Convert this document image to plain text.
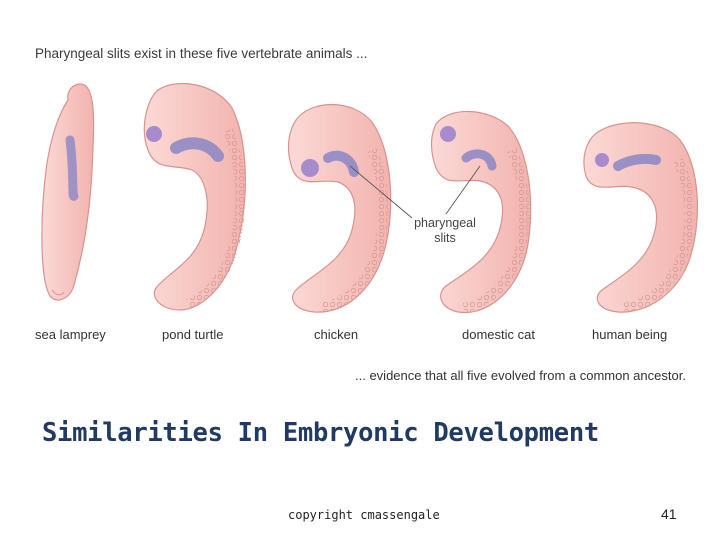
Pharyngeal slits exist in these five vertebrate animals ...
pharyngeal
slits
sea lamprey	pond turtle	chicken	domestic cat	human being
... evidence that all five evolved from a common ancestor.
Similarities In Embryonic Development
copyright cmassengale	41
